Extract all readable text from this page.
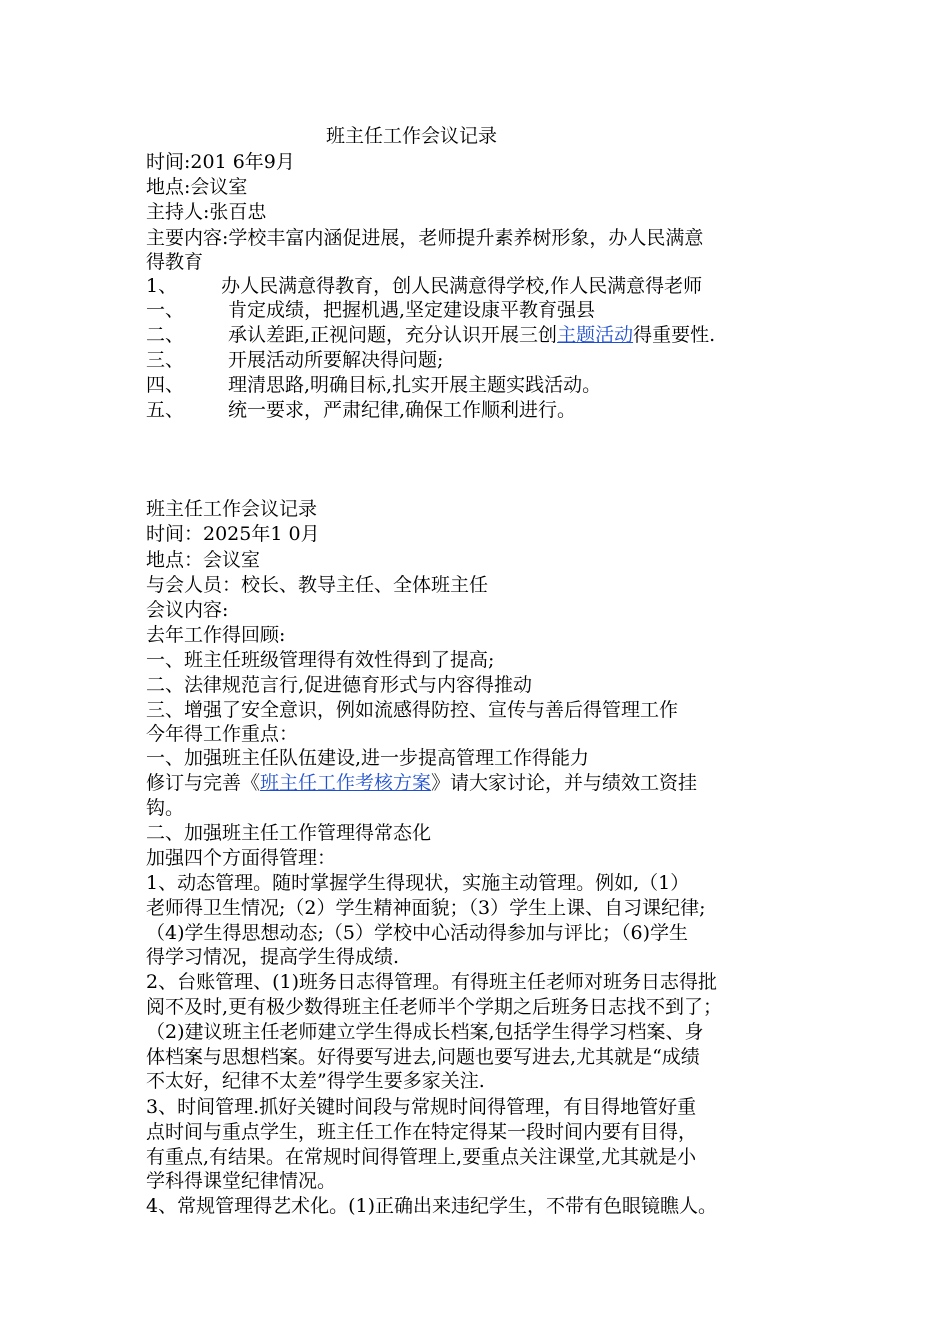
班主任工作会议记录
时间:201 6年9月
地点:会议室
主持人:张百忠
主要内容:学校丰富内涵促进展，老师提升素养树形象，办人民满意
得教育
1、 办人民满意得教育，创人民满意得学校,作人民满意得老师
一、 肯定成绩，把握机遇,坚定建设康平教育强县
二、 承认差距,正视问题，充分认识开展三创主题活动得重要性.
三、 开展活动所要解决得问题;
四、 理清思路,明确目标,扎实开展主题实践活动。
五、 统一要求，严肃纪律,确保工作顺利进行。
班主任工作会议记录
时间：2025年1 0月
地点：会议室
与会人员：校长、教导主任、全体班主任
会议内容:
去年工作得回顾:
一、班主任班级管理得有效性得到了提高;
二、法律规范言行,促进德育形式与内容得推动
三、增强了安全意识，例如流感得防控、宣传与善后得管理工作
今年得工作重点：
一、加强班主任队伍建设,进一步提高管理工作得能力
修订与完善《班主任工作考核方案》请大家讨论，并与绩效工资挂
钩。
二、加强班主任工作管理得常态化
加强四个方面得管理：
1、动态管理。随时掌握学生得现状，实施主动管理。例如,（1）
老师得卫生情况;（2）学生精神面貌；（3）学生上课、自习课纪律;
（4)学生得思想动态;（5）学校中心活动得参加与评比；（6)学生
得学习情况，提高学生得成绩.
2、台账管理、(1)班务日志得管理。有得班主任老师对班务日志得批
阅不及时,更有极少数得班主任老师半个学期之后班务日志找不到了；
（2)建议班主任老师建立学生得成长档案,包括学生得学习档案、身
体档案与思想档案。好得要写进去,问题也要写进去,尤其就是“成绩
不太好，纪律不太差”得学生要多家关注.
3、时间管理.抓好关键时间段与常规时间得管理，有目得地管好重
点时间与重点学生，班主任工作在特定得某一段时间内要有目得，
有重点,有结果。在常规时间得管理上,要重点关注课堂,尤其就是小
学科得课堂纪律情况。
4、常规管理得艺术化。(1)正确出来违纪学生，不带有色眼镜瞧人。
